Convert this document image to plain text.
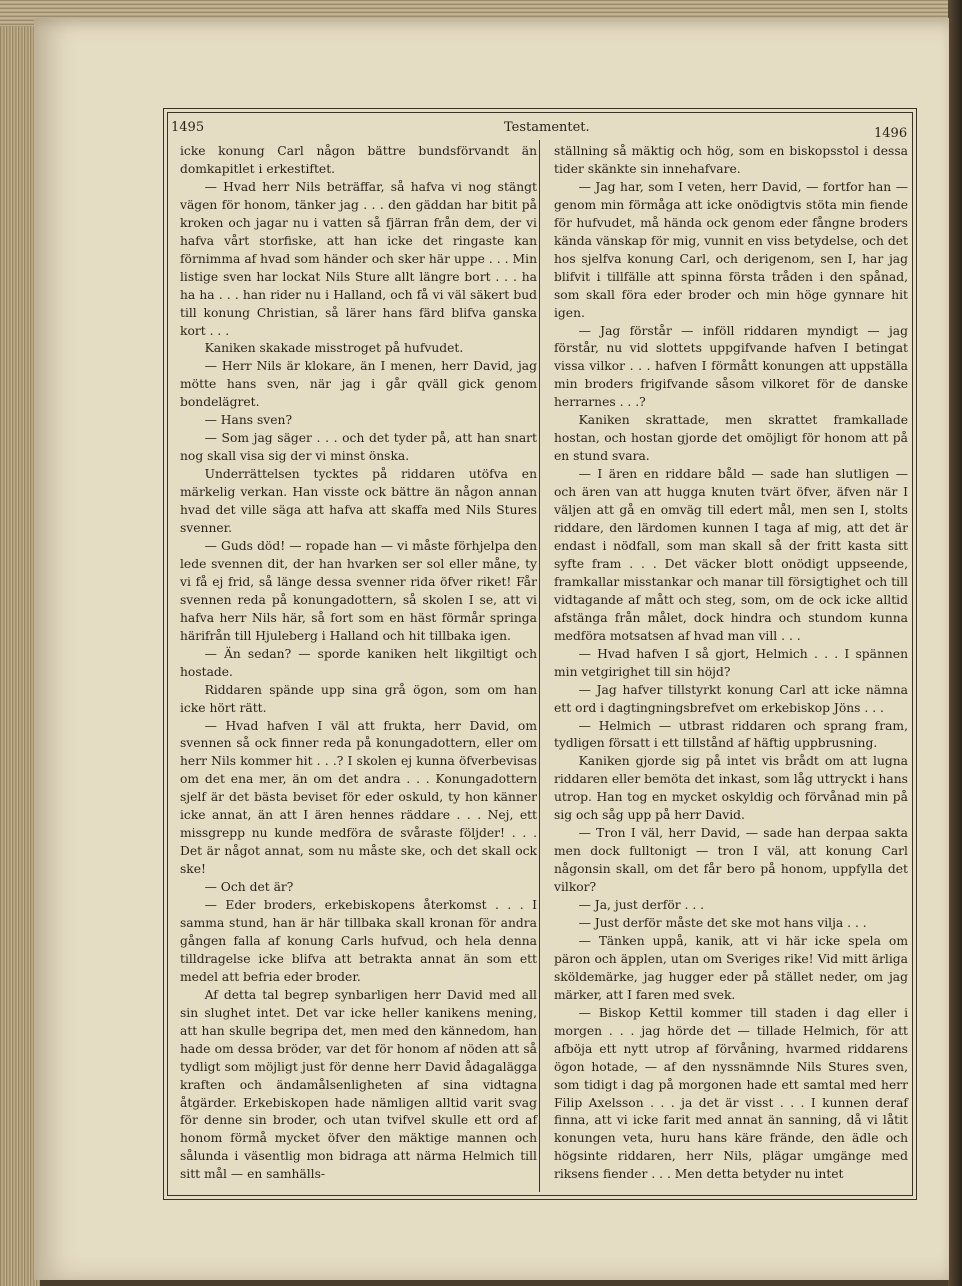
1495	Testamentet.	1496

icke konung Carl någon bättre bundsförvandt än domkapitlet i erkestiftet.

— Hvad herr Nils beträffar, så hafva vi nog stängt vägen för honom, tänker jag . . . den gäddan har bitit på kroken och jagar nu i vatten så fjärran från dem, der vi hafva vårt storfiske, att han icke det ringaste kan förnimma af hvad som händer och sker här uppe . . . Min listige sven har lockat Nils Sture allt längre bort . . . ha ha ha . . . han rider nu i Halland, och få vi väl säkert bud till konung Christian, så lärer hans färd blifva ganska kort . . .

Kaniken skakade misstroget på hufvudet.

— Herr Nils är klokare, än I menen, herr David, jag mötte hans sven, när jag i går qväll gick genom bondelägret.

— Hans sven?

— Som jag säger . . . och det tyder på, att han snart nog skall visa sig der vi minst önska.

Underrättelsen tycktes på riddaren utöfva en märkelig verkan. Han visste ock bättre än någon annan hvad det ville säga att hafva att skaffa med Nils Stures svenner.

— Guds död! — ropade han — vi måste förhjelpa den lede svennen dit, der han hvarken ser sol eller måne, ty vi få ej frid, så länge dessa svenner rida öfver riket! Får svennen reda på konungadottern, så skolen I se, att vi hafva herr Nils här, så fort som en häst förmår springa härifrån till Hjuleberg i Halland och hit tillbaka igen.

— Än sedan? — sporde kaniken helt likgiltigt och hostade.

Riddaren spände upp sina grå ögon, som om han icke hört rätt.

— Hvad hafven I väl att frukta, herr David, om svennen så ock finner reda på konungadottern, eller om herr Nils kommer hit . . .? I skolen ej kunna öfverbevisas om det ena mer, än om det andra . . . Konungadottern sjelf är det bästa beviset för eder oskuld, ty hon känner icke annat, än att I ären hennes räddare . . . Nej, ett missgrepp nu kunde medföra de svåraste följder! . . . Det är något annat, som nu måste ske, och det skall ock ske!

— Och det är?

— Eder broders, erkebiskopens återkomst . . . I samma stund, han är här tillbaka skall kronan för andra gången falla af konung Carls hufvud, och hela denna tilldragelse icke blifva att betrakta annat än som ett medel att befria eder broder.

Af detta tal begrep synbarligen herr David med all sin slughet intet. Det var icke heller kanikens mening, att han skulle begripa det, men med den kännedom, han hade om dessa bröder, var det för honom af nöden att så tydligt som möjligt just för denne herr David ådagalägga kraften och ändamålsenligheten af sina vidtagna åtgärder. Erkebiskopen hade nämligen alltid varit svag för denne sin broder, och utan tvifvel skulle ett ord af honom förmå mycket öfver den mäktige mannen och sålunda i väsentlig mon bidraga att närma Helmich till sitt mål — en samhälls-

ställning så mäktig och hög, som en biskopsstol i dessa tider skänkte sin innehafvare.

— Jag har, som I veten, herr David, — fortfor han — genom min förmåga att icke onödigtvis stöta min fiende för hufvudet, må hända ock genom eder fångne broders kända vänskap för mig, vunnit en viss betydelse, och det hos sjelfva konung Carl, och derigenom, sen I, har jag blifvit i tillfälle att spinna första tråden i den spånad, som skall föra eder broder och min höge gynnare hit igen.

— Jag förstår — inföll riddaren myndigt — jag förstår, nu vid slottets uppgifvande hafven I betingat vissa vilkor . . . hafven I förmått konungen att uppställa min broders frigifvande såsom vilkoret för de danske herrarnes . . .?

Kaniken skrattade, men skrattet framkallade hostan, och hostan gjorde det omöjligt för honom att på en stund svara.

— I ären en riddare båld — sade han slutligen — och ären van att hugga knuten tvärt öfver, äfven när I väljen att gå en omväg till edert mål, men sen I, stolts riddare, den lärdomen kunnen I taga af mig, att det är endast i nödfall, som man skall så der fritt kasta sitt syfte fram . . . Det väcker blott onödigt uppseende, framkallar misstankar och manar till försigtighet och till vidtagande af mått och steg, som, om de ock icke alltid afstänga från målet, dock hindra och stundom kunna medföra motsatsen af hvad man vill . . .

— Hvad hafven I så gjort, Helmich . . . I spännen min vetgirighet till sin höjd?

— Jag hafver tillstyrkt konung Carl att icke nämna ett ord i dagtingningsbrefvet om erkebiskop Jöns . . .

— Helmich — utbrast riddaren och sprang fram, tydligen försatt i ett tillstånd af häftig uppbrusning.

Kaniken gjorde sig på intet vis brådt om att lugna riddaren eller bemöta det inkast, som låg uttryckt i hans utrop. Han tog en mycket oskyldig och förvånad min på sig och såg upp på herr David.

— Tron I väl, herr David, — sade han derpaa sakta men dock fulltonigt — tron I väl, att konung Carl någonsin skall, om det får bero på honom, uppfylla det vilkor?

— Ja, just derför . . .

— Just derför måste det ske mot hans vilja . . .

— Tänken uppå, kanik, att vi här icke spela om päron och äpplen, utan om Sveriges rike! Vid mitt ärliga sköldemärke, jag hugger eder på stället neder, om jag märker, att I faren med svek.

— Biskop Kettil kommer till staden i dag eller i morgen . . . jag hörde det — tillade Helmich, för att afböja ett nytt utrop af förvåning, hvarmed riddarens ögon hotade, — af den nyssnämnde Nils Stures sven, som tidigt i dag på morgonen hade ett samtal med herr Filip Axelsson . . . ja det är visst . . . I kunnen deraf finna, att vi icke farit med annat än sanning, då vi låtit konungen veta, huru hans käre frände, den ädle och högsinte riddaren, herr Nils, plägar umgänge med riksens fiender . . . Men detta betyder nu intet
